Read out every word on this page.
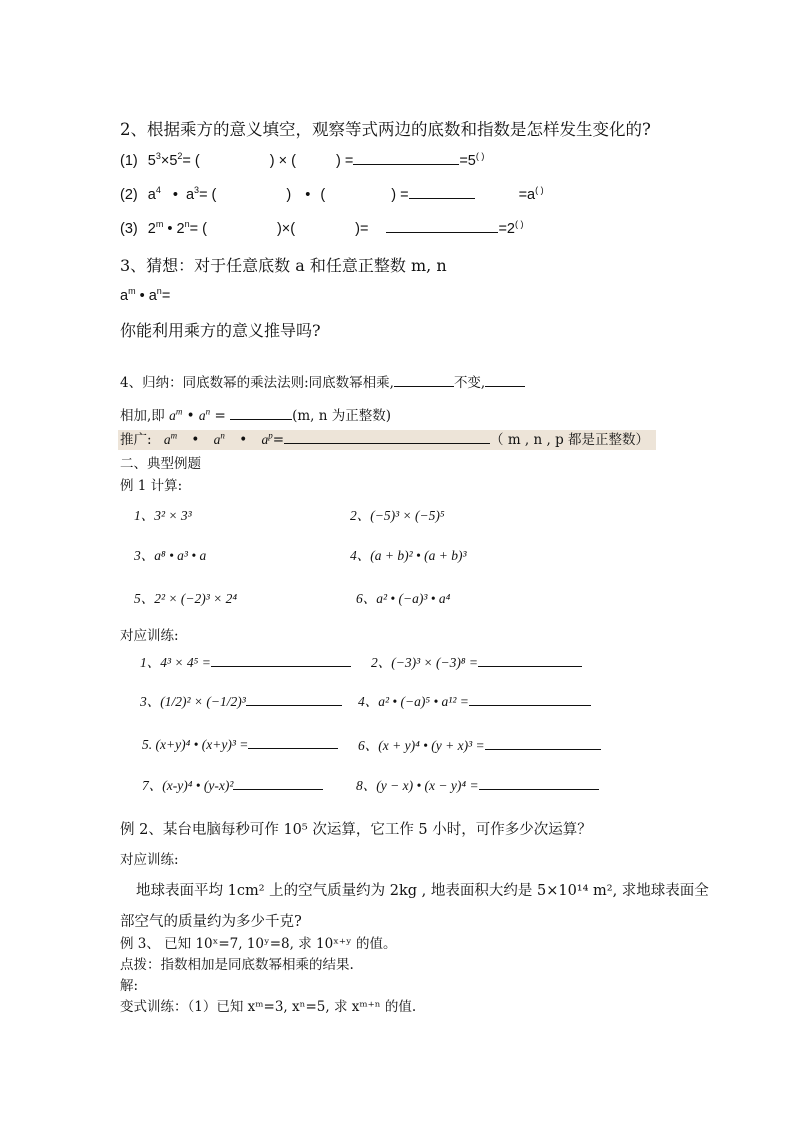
2、根据乘方的意义填空，观察等式两边的底数和指数是怎样发生变化的?
(1) $5^3\times 5^2=$ (	) × (	) =	=5( )
(2) $a^4$ • $a^3=$ (	) • (	) =	=a( )
(3) 2$^m$ • $2^n=$ (	)×(	)=	=2( )
3、猜想：对于任意底数 a 和任意正整数 m, n
$a^m$ • $a^n=$
你能利用乘方的意义推导吗?
4、归纳：同底数幂的乘法法则:同底数幂相乘,	不变,
相加,即 $a^m$ • $a^n$ =	(m, n 为正整数)
推广: $a^m$ • $a^n$ • $a^p=$	（ m , n , p 都是正整数）
二、典型例题
例 1 计算:
1、3² × 3³	2、(−5)³ × (−5)⁵
3、a⁸ • a³ • a	4、(a + b)² • (a + b)³
5、2² × (−2)³ × 2⁴	6、a² • (−a)³ • a⁴
对应训练:
1、4³ × 4⁵ =	2、(−3)³ × (−3)⁸ =
3、(1/2)² × (−1/2)³	4、a² • (−a)⁵ • a¹² =
5. (x+y)⁴ • (x+y)³ =	6、(x + y)⁴ • (y + x)³ =
7、(x-y)⁴ • (y-x)²	8、(y − x) • (x − y)⁴ =
例 2、某台电脑每秒可作 10⁵ 次运算，它工作 5 小时，可作多少次运算？
对应训练:
地球表面平均 1cm² 上的空气质量约为 2kg , 地表面积大约是 5×10¹⁴ m², 求地球表面全
部空气的质量约为多少千克?
例 3、 已知 10ˣ=7, 10ʸ=8, 求 10ˣ⁺ʸ 的值。
点拨：指数相加是同底数幂相乘的结果.
解:
变式训练：（1）已知 xᵐ=3, xⁿ=5, 求 xᵐ⁺ⁿ 的值.
